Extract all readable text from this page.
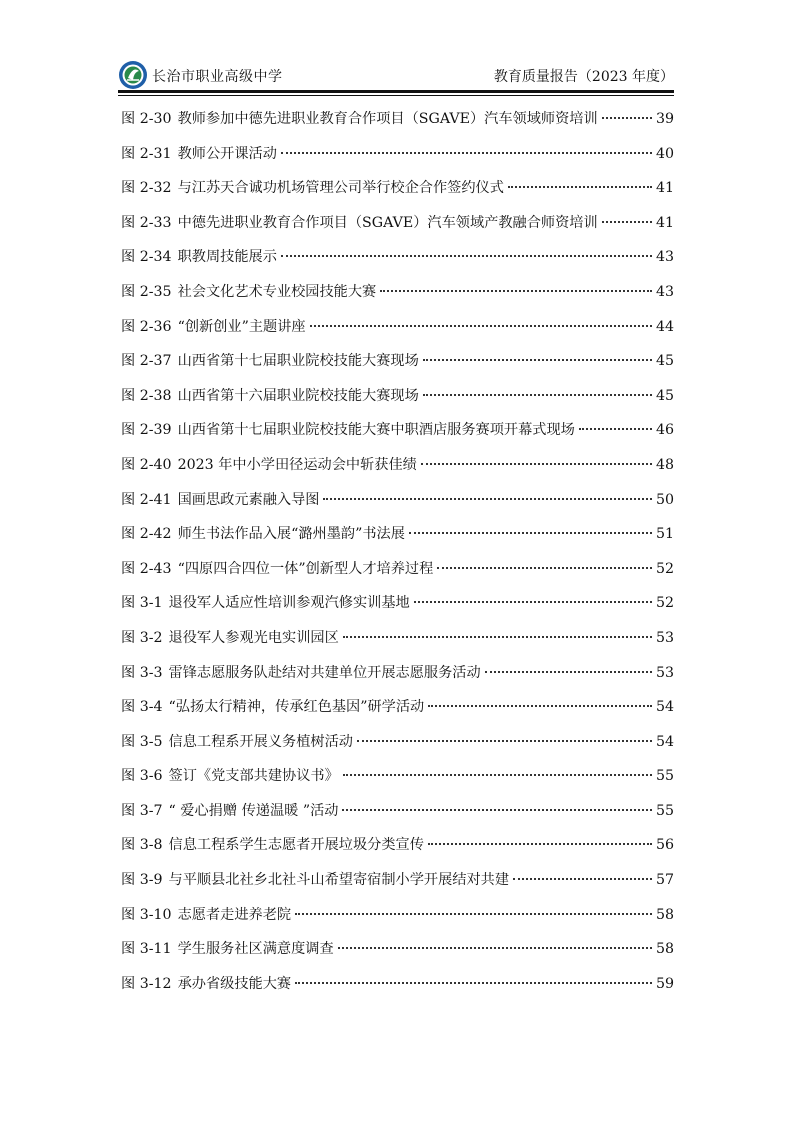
长治市职业高级中学	教育质量报告（2023 年度）
图 2-30 教师参加中德先进职业教育合作项目（SGAVE）汽车领域师资培训	39
图 2-31 教师公开课活动	40
图 2-32 与江苏天合诚功机场管理公司举行校企合作签约仪式	41
图 2-33 中德先进职业教育合作项目（SGAVE）汽车领域产教融合师资培训	41
图 2-34 职教周技能展示	43
图 2-35 社会文化艺术专业校园技能大赛	43
图 2-36 “创新创业”主题讲座	44
图 2-37 山西省第十七届职业院校技能大赛现场	45
图 2-38 山西省第十六届职业院校技能大赛现场	45
图 2-39 山西省第十七届职业院校技能大赛中职酒店服务赛项开幕式现场	46
图 2-40 2023 年中小学田径运动会中斩获佳绩	48
图 2-41 国画思政元素融入导图	50
图 2-42 师生书法作品入展“潞州墨韵”书法展	51
图 2-43 “四原四合四位一体”创新型人才培养过程	52
图 3-1 退役军人适应性培训参观汽修实训基地	52
图 3-2 退役军人参观光电实训园区	53
图 3-3 雷锋志愿服务队赴结对共建单位开展志愿服务活动	53
图 3-4 “弘扬太行精神，传承红色基因”研学活动	54
图 3-5 信息工程系开展义务植树活动	54
图 3-6 签订《党支部共建协议书》	55
图 3-7 “ 爱心捐赠 传递温暖 ”活动	55
图 3-8 信息工程系学生志愿者开展垃圾分类宣传	56
图 3-9 与平顺县北社乡北社斗山希望寄宿制小学开展结对共建	57
图 3-10 志愿者走进养老院	58
图 3-11 学生服务社区满意度调查	58
图 3-12 承办省级技能大赛	59
